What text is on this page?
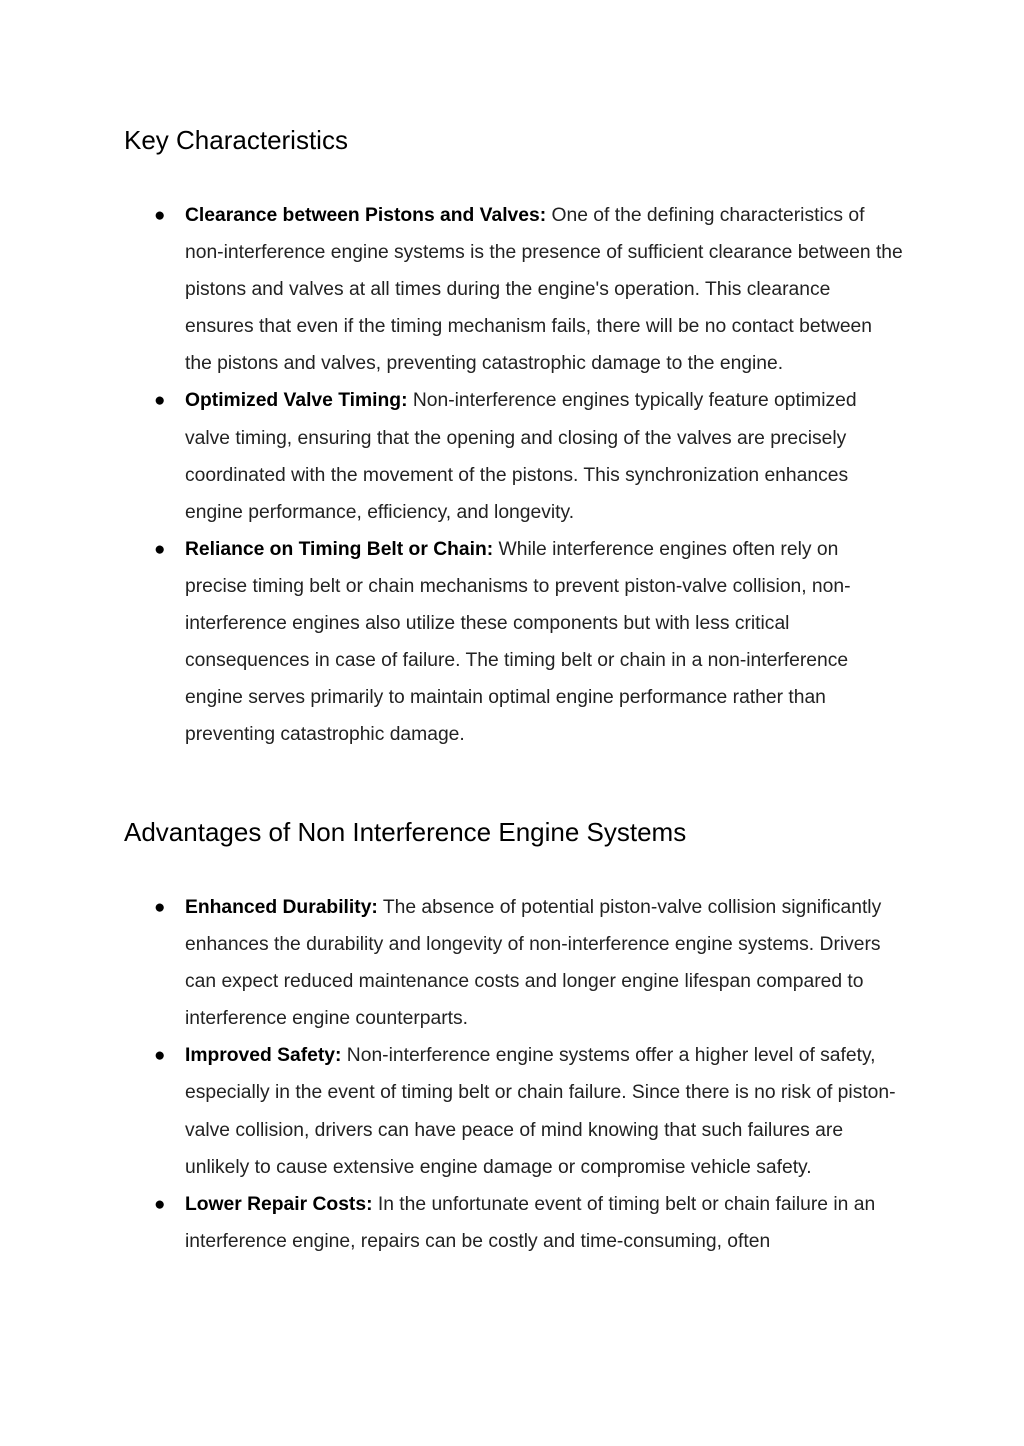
Key Characteristics
● Clearance between Pistons and Valves: One of the defining characteristics of non-interference engine systems is the presence of sufficient clearance between the pistons and valves at all times during the engine's operation. This clearance ensures that even if the timing mechanism fails, there will be no contact between the pistons and valves, preventing catastrophic damage to the engine.
● Optimized Valve Timing: Non-interference engines typically feature optimized valve timing, ensuring that the opening and closing of the valves are precisely coordinated with the movement of the pistons. This synchronization enhances engine performance, efficiency, and longevity.
● Reliance on Timing Belt or Chain: While interference engines often rely on precise timing belt or chain mechanisms to prevent piston-valve collision, non-interference engines also utilize these components but with less critical consequences in case of failure. The timing belt or chain in a non-interference engine serves primarily to maintain optimal engine performance rather than preventing catastrophic damage.
Advantages of Non Interference Engine Systems
● Enhanced Durability: The absence of potential piston-valve collision significantly enhances the durability and longevity of non-interference engine systems. Drivers can expect reduced maintenance costs and longer engine lifespan compared to interference engine counterparts.
● Improved Safety: Non-interference engine systems offer a higher level of safety, especially in the event of timing belt or chain failure. Since there is no risk of piston-valve collision, drivers can have peace of mind knowing that such failures are unlikely to cause extensive engine damage or compromise vehicle safety.
● Lower Repair Costs: In the unfortunate event of timing belt or chain failure in an interference engine, repairs can be costly and time-consuming, often
